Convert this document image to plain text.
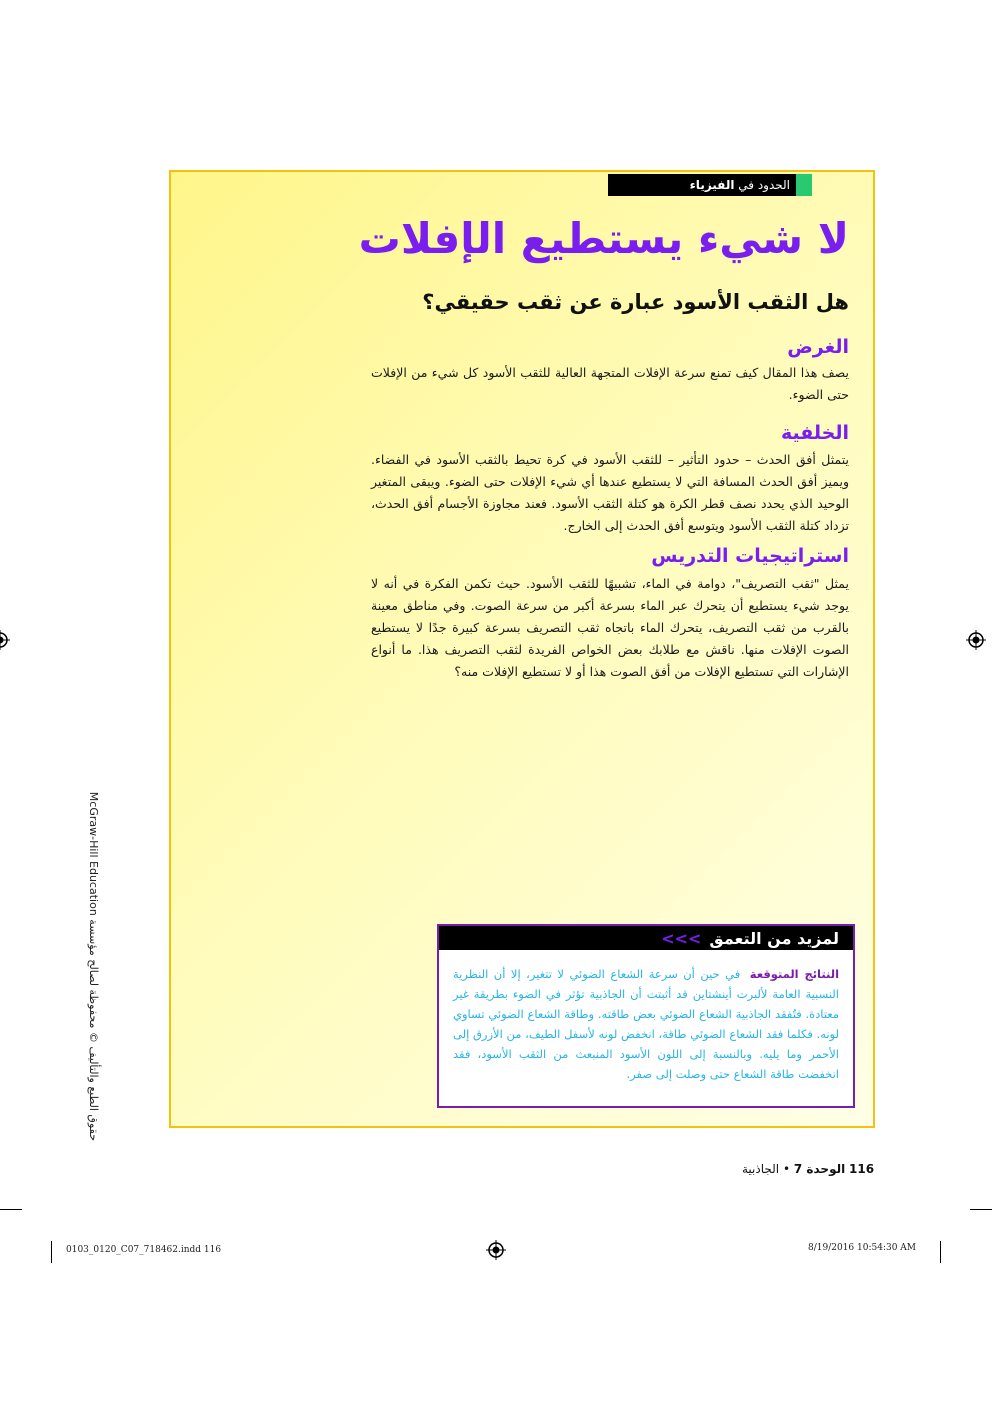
حقوق الطبع والتأليف © محفوظة لصالح مؤسسة McGraw-Hill Education
الحدود في الفيزياء
لا شيء يستطيع الإفلات
هل الثقب الأسود عبارة عن ثقب حقيقي؟
الغرض
يصف هذا المقال كيف تمنع سرعة الإفلات المتجهة العالية للثقب الأسود كل شيء من الإفلات حتى الضوء.
الخلفية
يتمثل أفق الحدث – حدود التأثير – للثقب الأسود في كرة تحيط بالثقب الأسود في الفضاء. ويميز أفق الحدث المسافة التي لا يستطيع عندها أي شيء الإفلات حتى الضوء. ويبقى المتغير الوحيد الذي يحدد نصف قطر الكرة هو كتلة الثقب الأسود. فعند مجاوزة الأجسام أفق الحدث، تزداد كتلة الثقب الأسود ويتوسع أفق الحدث إلى الخارج.
استراتيجيات التدريس
يمثل "ثقب التصريف"، دوامة في الماء، تشبيهًا للثقب الأسود. حيث تكمن الفكرة في أنه لا يوجد شيء يستطيع أن يتحرك عبر الماء بسرعة أكبر من سرعة الصوت. وفي مناطق معينة بالقرب من ثقب التصريف، يتحرك الماء باتجاه ثقب التصريف بسرعة كبيرة جدًا لا يستطيع الصوت الإفلات منها. ناقش مع طلابك بعض الخواص الفريدة لثقب التصريف هذا. ما أنواع الإشارات التي تستطيع الإفلات من أفق الصوت هذا أو لا تستطيع الإفلات منه؟
لمزيد من التعمق
>>>
النتائج المتوقعة في حين أن سرعة الشعاع الضوئي لا تتغير، إلا أن النظرية النسبية العامة لألبرت أينشتاين قد أثبتت أن الجاذبية تؤثر في الضوء بطريقة غير معتادة. فتُفقد الجاذبية الشعاع الضوئي بعض طاقته. وطاقة الشعاع الضوئي تساوي لونه. فكلما فقد الشعاع الضوئي طاقة، انخفض لونه لأسفل الطيف، من الأزرق إلى الأحمر وما يليه. وبالنسبة إلى اللون الأسود المنبعث من الثقب الأسود، فقد انخفضت طاقة الشعاع حتى وصلت إلى صفر.
116 الوحدة 7 • الجاذبية
0103_0120_C07_718462.indd 116	8/19/2016 10:54:30 AM
